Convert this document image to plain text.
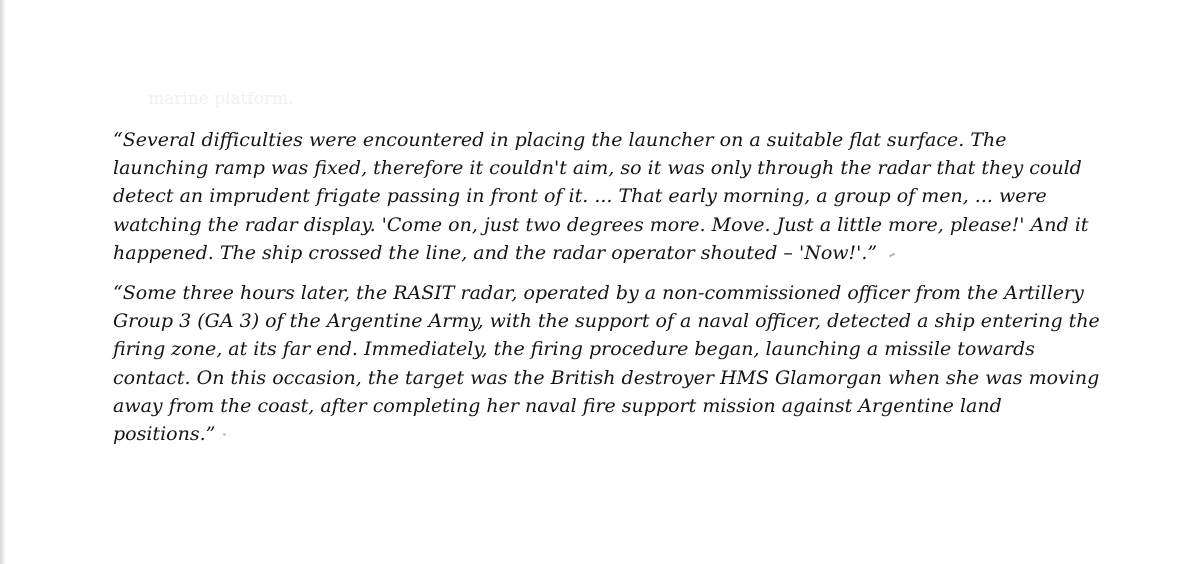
marine platform.

“Several difficulties were encountered in placing the launcher on a suitable flat surface. The launching ramp was fixed, therefore it couldn't aim, so it was only through the radar that they could detect an imprudent frigate passing in front of it. ... That early morning, a group of men, ... were watching the radar display. 'Come on, just two degrees more. Move. Just a little more, please!' And it happened. The ship crossed the line, and the radar operator shouted – 'Now!'.”

“Some three hours later, the RASIT radar, operated by a non-commissioned officer from the Artillery Group 3 (GA 3) of the Argentine Army, with the support of a naval officer, detected a ship entering the firing zone, at its far end. Immediately, the firing procedure began, launching a missile towards contact. On this occasion, the target was the British destroyer HMS Glamorgan when she was moving away from the coast, after completing her naval fire support mission against Argentine land positions.”
